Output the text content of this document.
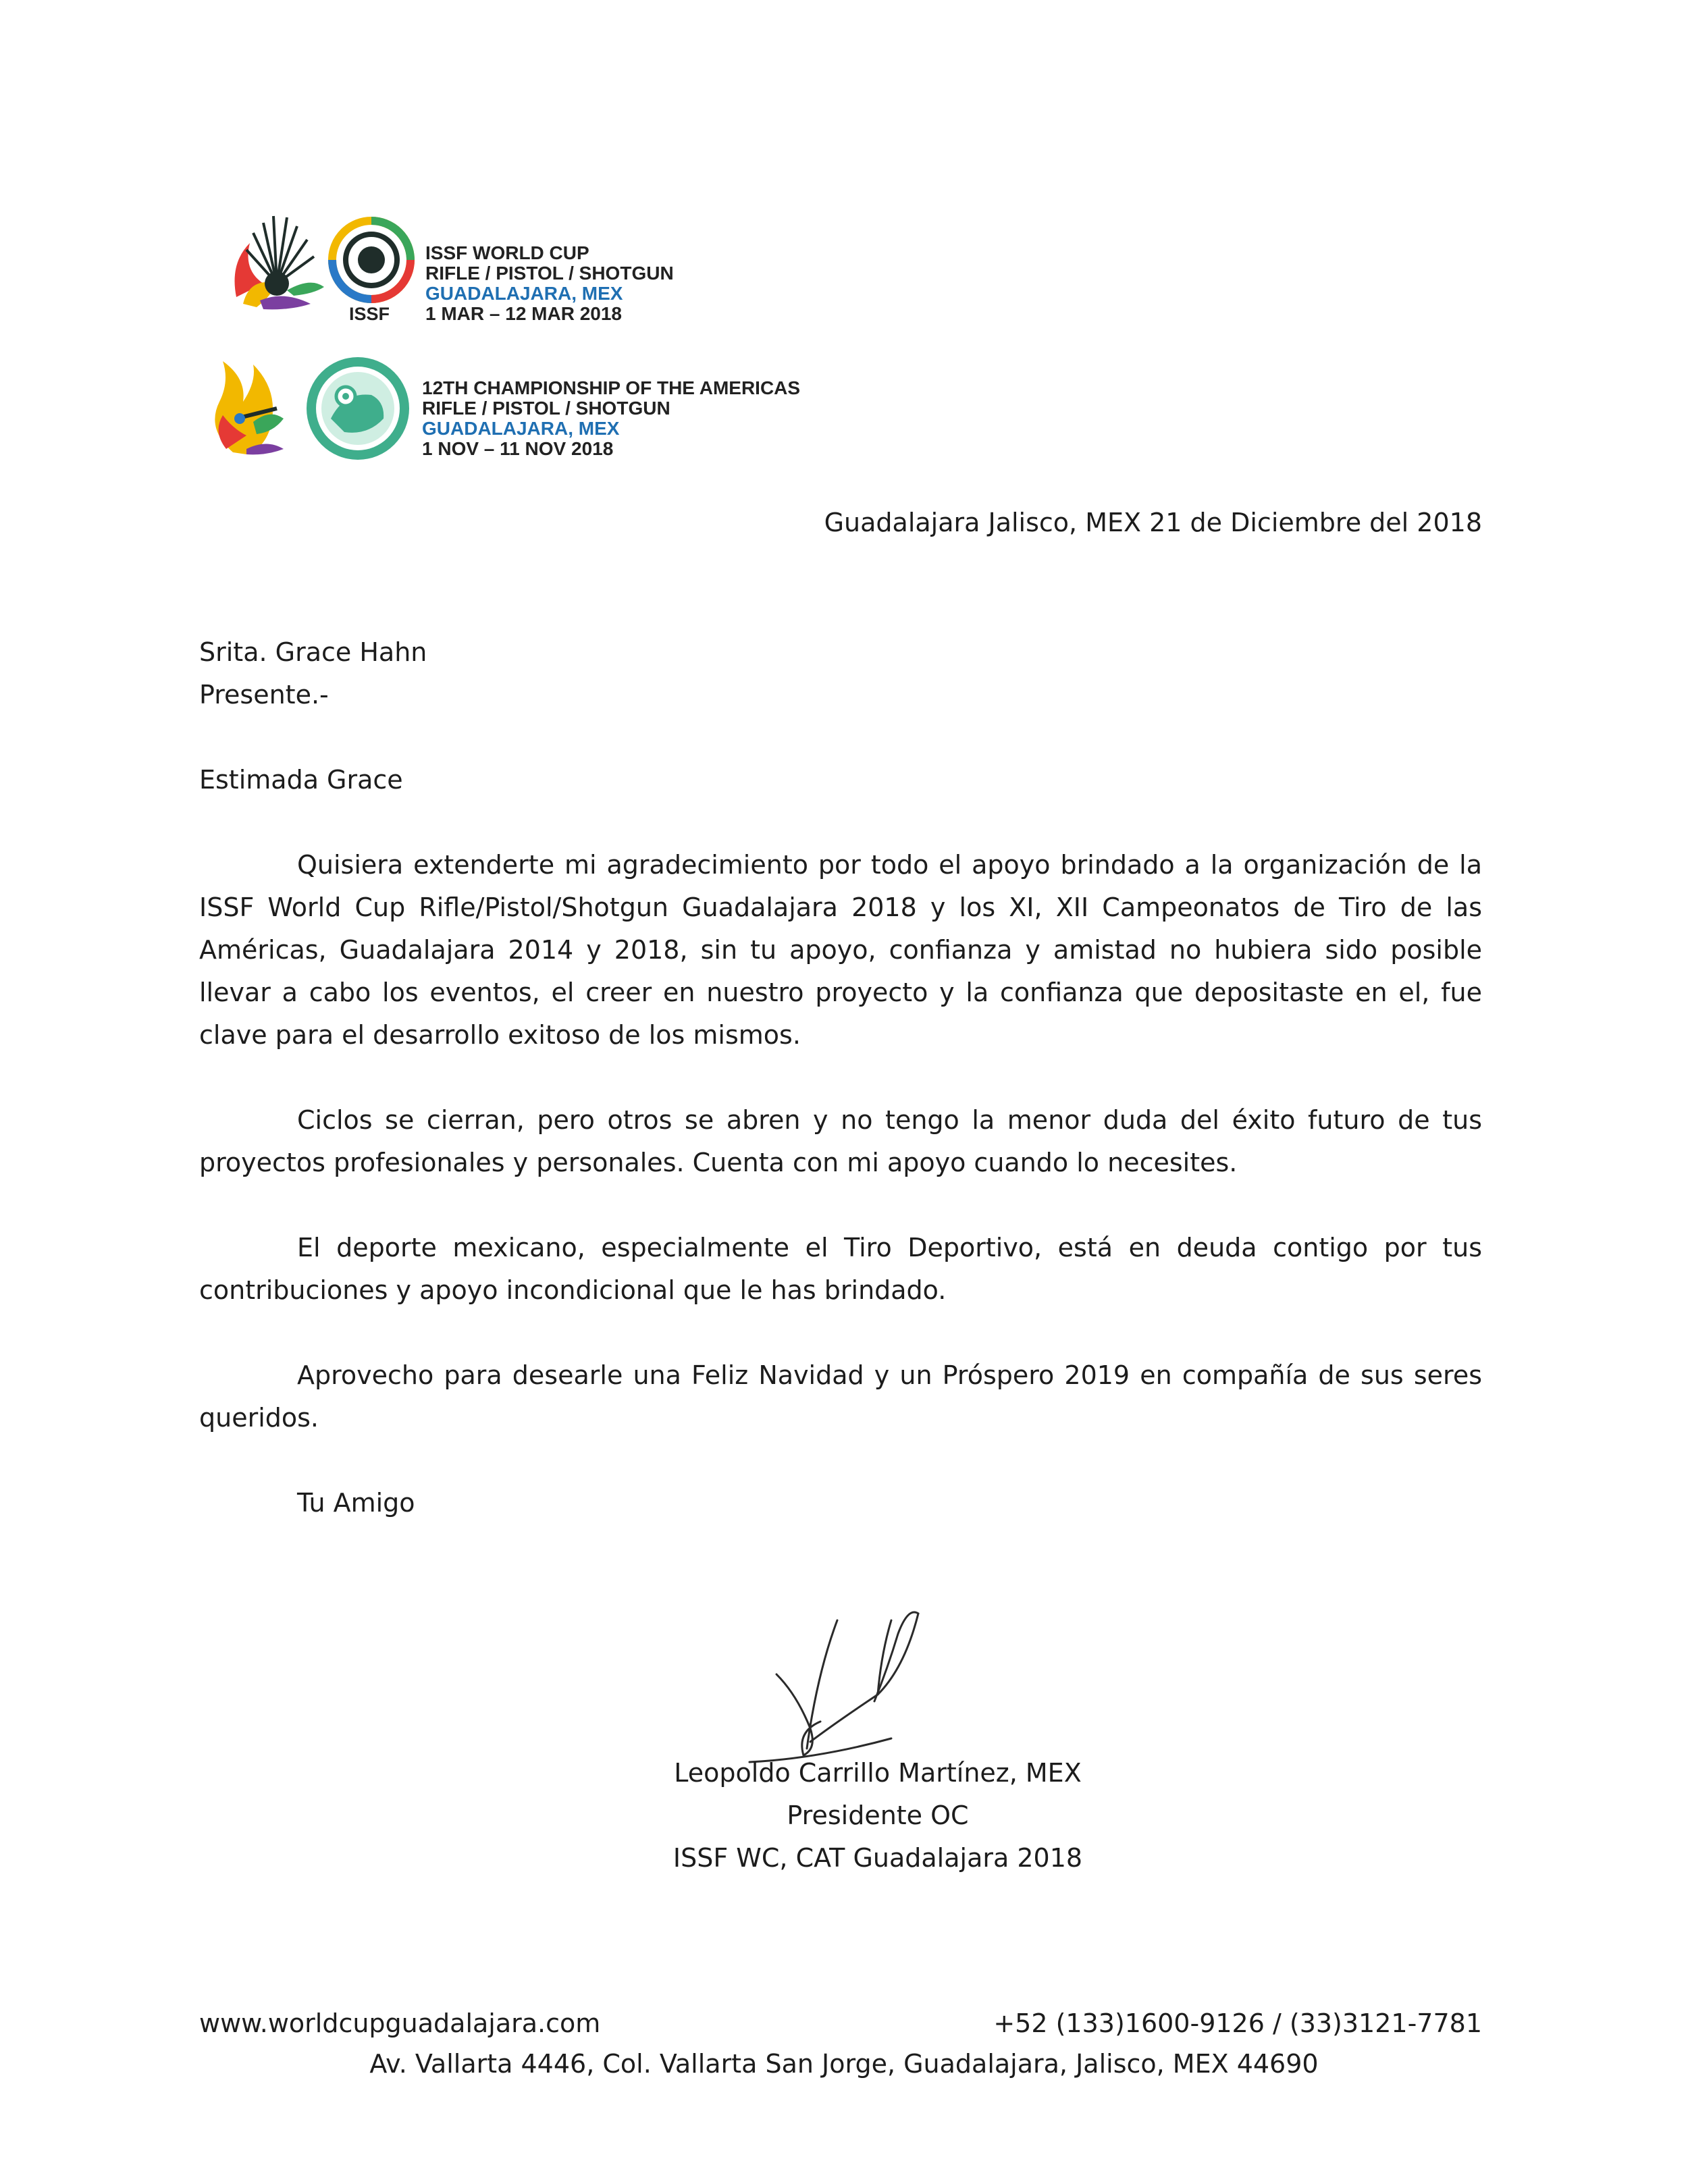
ISSF
ISSF WORLD CUP
RIFLE / PISTOL / SHOTGUN
GUADALAJARA, MEX
1 MAR – 12 MAR 2018
12TH CHAMPIONSHIP OF THE AMERICAS
RIFLE / PISTOL / SHOTGUN
GUADALAJARA, MEX
1 NOV – 11 NOV 2018
Guadalajara Jalisco, MEX 21 de Diciembre del 2018

Srita. Grace Hahn

Presente.-

Estimada Grace

Quisiera extenderte mi agradecimiento por todo el apoyo brindado a la organización de la ISSF World Cup Rifle/Pistol/Shotgun Guadalajara 2018 y los XI, XII Campeonatos de Tiro de las Américas, Guadalajara 2014 y 2018, sin tu apoyo, confianza y amistad no hubiera sido posible llevar a cabo los eventos, el creer en nuestro proyecto y la confianza que depositaste en el, fue clave para el desarrollo exitoso de los mismos.

Ciclos se cierran, pero otros se abren y no tengo la menor duda del éxito futuro de tus proyectos profesionales y personales. Cuenta con mi apoyo cuando lo necesites.

El deporte mexicano, especialmente el Tiro Deportivo, está en deuda contigo por tus contribuciones y apoyo incondicional que le has brindado.

Aprovecho para desearle una Feliz Navidad y un Próspero 2019 en compañía de sus seres queridos.

Tu Amigo

Leopoldo Carrillo Martínez, MEX
Presidente OC
ISSF WC, CAT Guadalajara 2018
www.worldcupguadalajara.com	+52 (133)1600-9126 / (33)3121-7781
Av. Vallarta 4446, Col. Vallarta San Jorge, Guadalajara, Jalisco, MEX 44690
